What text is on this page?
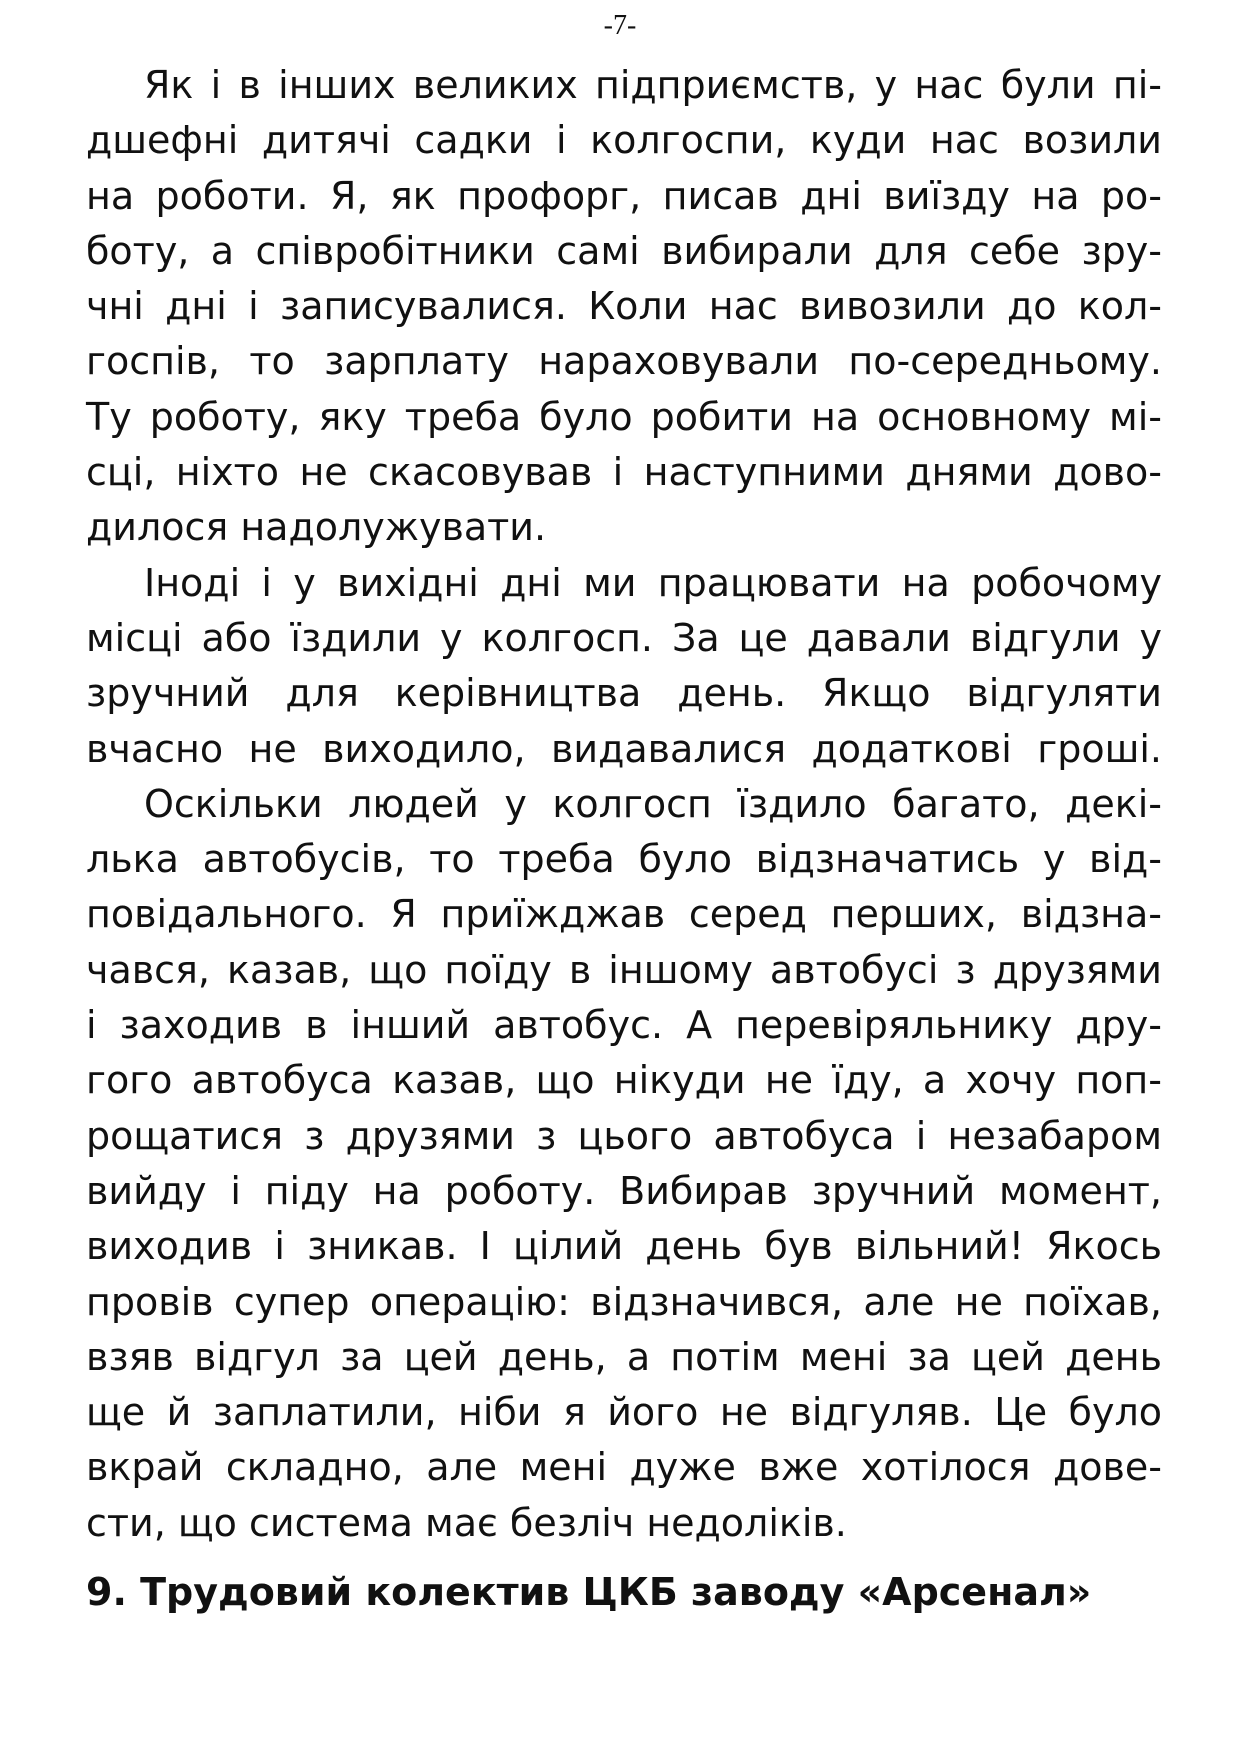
-7-

Як і в інших великих підприємств, у нас були пі-
дшефні дитячі садки і колгоспи, куди нас возили
на роботи. Я, як профорг, писав дні виїзду на ро-
боту, а співробітники самі вибирали для себе зру-
чні дні і записувалися. Коли нас вивозили до кол-
госпів, то зарплату нараховували по-середньому.
Ту роботу, яку треба було робити на основному мі-
сці, ніхто не скасовував і наступними днями дово-
дилося надолужувати.

Іноді і у вихідні дні ми працювати на робочому
місці або їздили у колгосп. За це давали відгули у
зручний для керівництва день. Якщо відгуляти
вчасно не виходило, видавалися додаткові гроші.

Оскільки людей у колгосп їздило багато, декі-
лька автобусів, то треба було відзначатись у від-
повідального. Я приїжджав серед перших, відзна-
чався, казав, що поїду в іншому автобусі з друзями
і заходив в інший автобус. А перевіряльнику дру-
гого автобуса казав, що нікуди не їду, а хочу поп-
рощатися з друзями з цього автобуса і незабаром
вийду і піду на роботу. Вибирав зручний момент,
виходив і зникав. І цілий день був вільний! Якось
провів супер операцію: відзначився, але не поїхав,
взяв відгул за цей день, а потім мені за цей день
ще й заплатили, ніби я його не відгуляв. Це було
вкрай складно, але мені дуже вже хотілося дове-
сти, що система має безліч недоліків.

9. Трудовий колектив ЦКБ заводу «Арсенал»
